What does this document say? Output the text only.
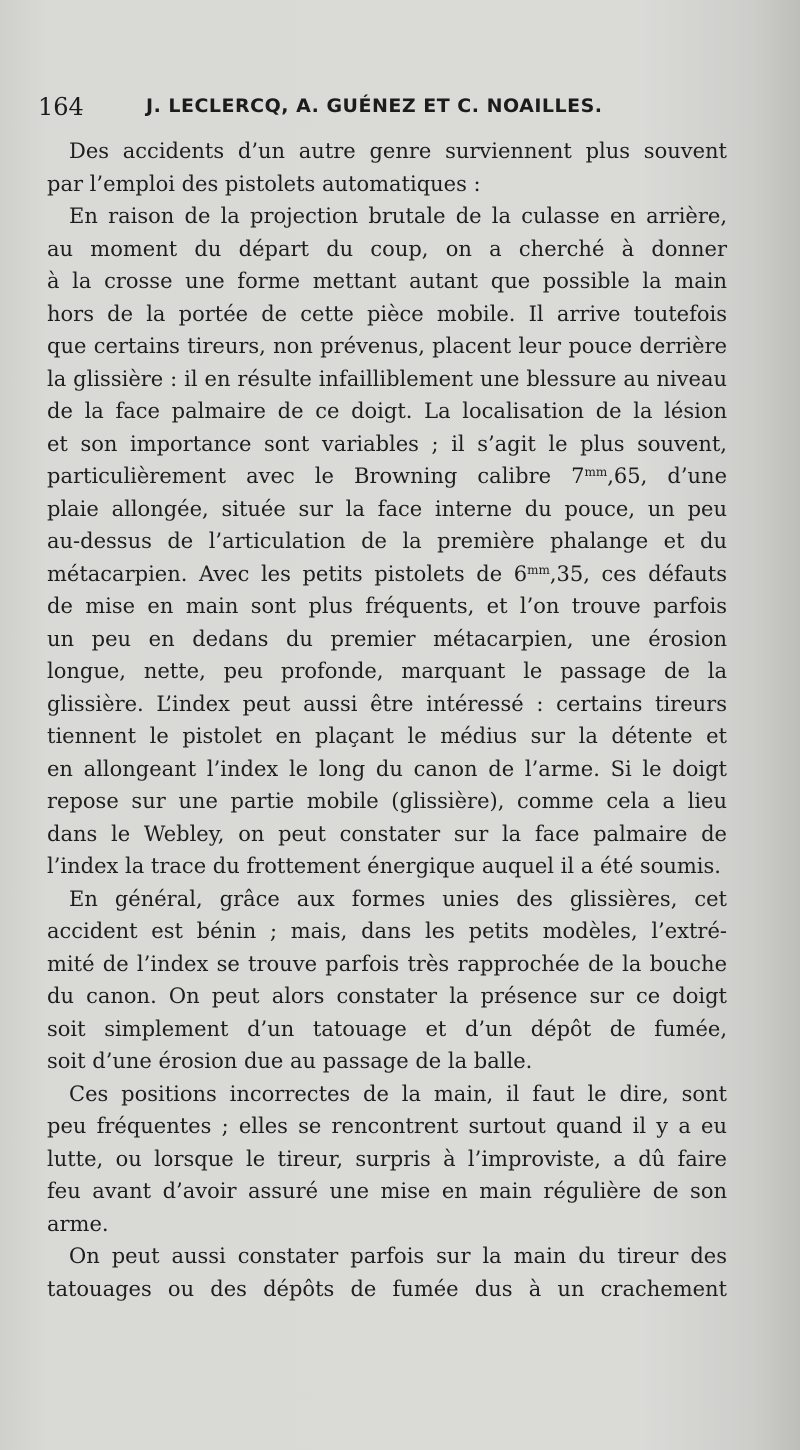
164	J. LECLERCQ, A. GUÉNEZ ET C. NOAILLES.

Des accidents d’un autre genre surviennent plus souvent
par l’emploi des pistolets automatiques :

En raison de la projection brutale de la culasse en arrière,
au moment du départ du coup, on a cherché à donner
à la crosse une forme mettant autant que possible la main
hors de la portée de cette pièce mobile. Il arrive toutefois
que certains tireurs, non prévenus, placent leur pouce derrière
la glissière : il en résulte infailliblement une blessure au niveau
de la face palmaire de ce doigt. La localisation de la lésion
et son importance sont variables ; il s’agit le plus souvent,
particulièrement avec le Browning calibre $7^{mm},65$, d’une
plaie allongée, située sur la face interne du pouce, un peu
au-dessus de l’articulation de la première phalange et du
métacarpien. Avec les petits pistolets de $6^{mm},35$, ces défauts
de mise en main sont plus fréquents, et l’on trouve parfois
un peu en dedans du premier métacarpien, une érosion
longue, nette, peu profonde, marquant le passage de la
glissière. L’index peut aussi être intéressé : certains tireurs
tiennent le pistolet en plaçant le médius sur la détente et
en allongeant l’index le long du canon de l’arme. Si le doigt
repose sur une partie mobile (glissière), comme cela a lieu
dans le Webley, on peut constater sur la face palmaire de
l’index la trace du frottement énergique auquel il a été soumis.

En général, grâce aux formes unies des glissières, cet
accident est bénin ; mais, dans les petits modèles, l’extré-
mité de l’index se trouve parfois très rapprochée de la bouche
du canon. On peut alors constater la présence sur ce doigt
soit simplement d’un tatouage et d’un dépôt de fumée,
soit d’une érosion due au passage de la balle.

Ces positions incorrectes de la main, il faut le dire, sont
peu fréquentes ; elles se rencontrent surtout quand il y a eu
lutte, ou lorsque le tireur, surpris à l’improviste, a dû faire
feu avant d’avoir assuré une mise en main régulière de son
arme.

On peut aussi constater parfois sur la main du tireur des
tatouages ou des dépôts de fumée dus à un crachement
